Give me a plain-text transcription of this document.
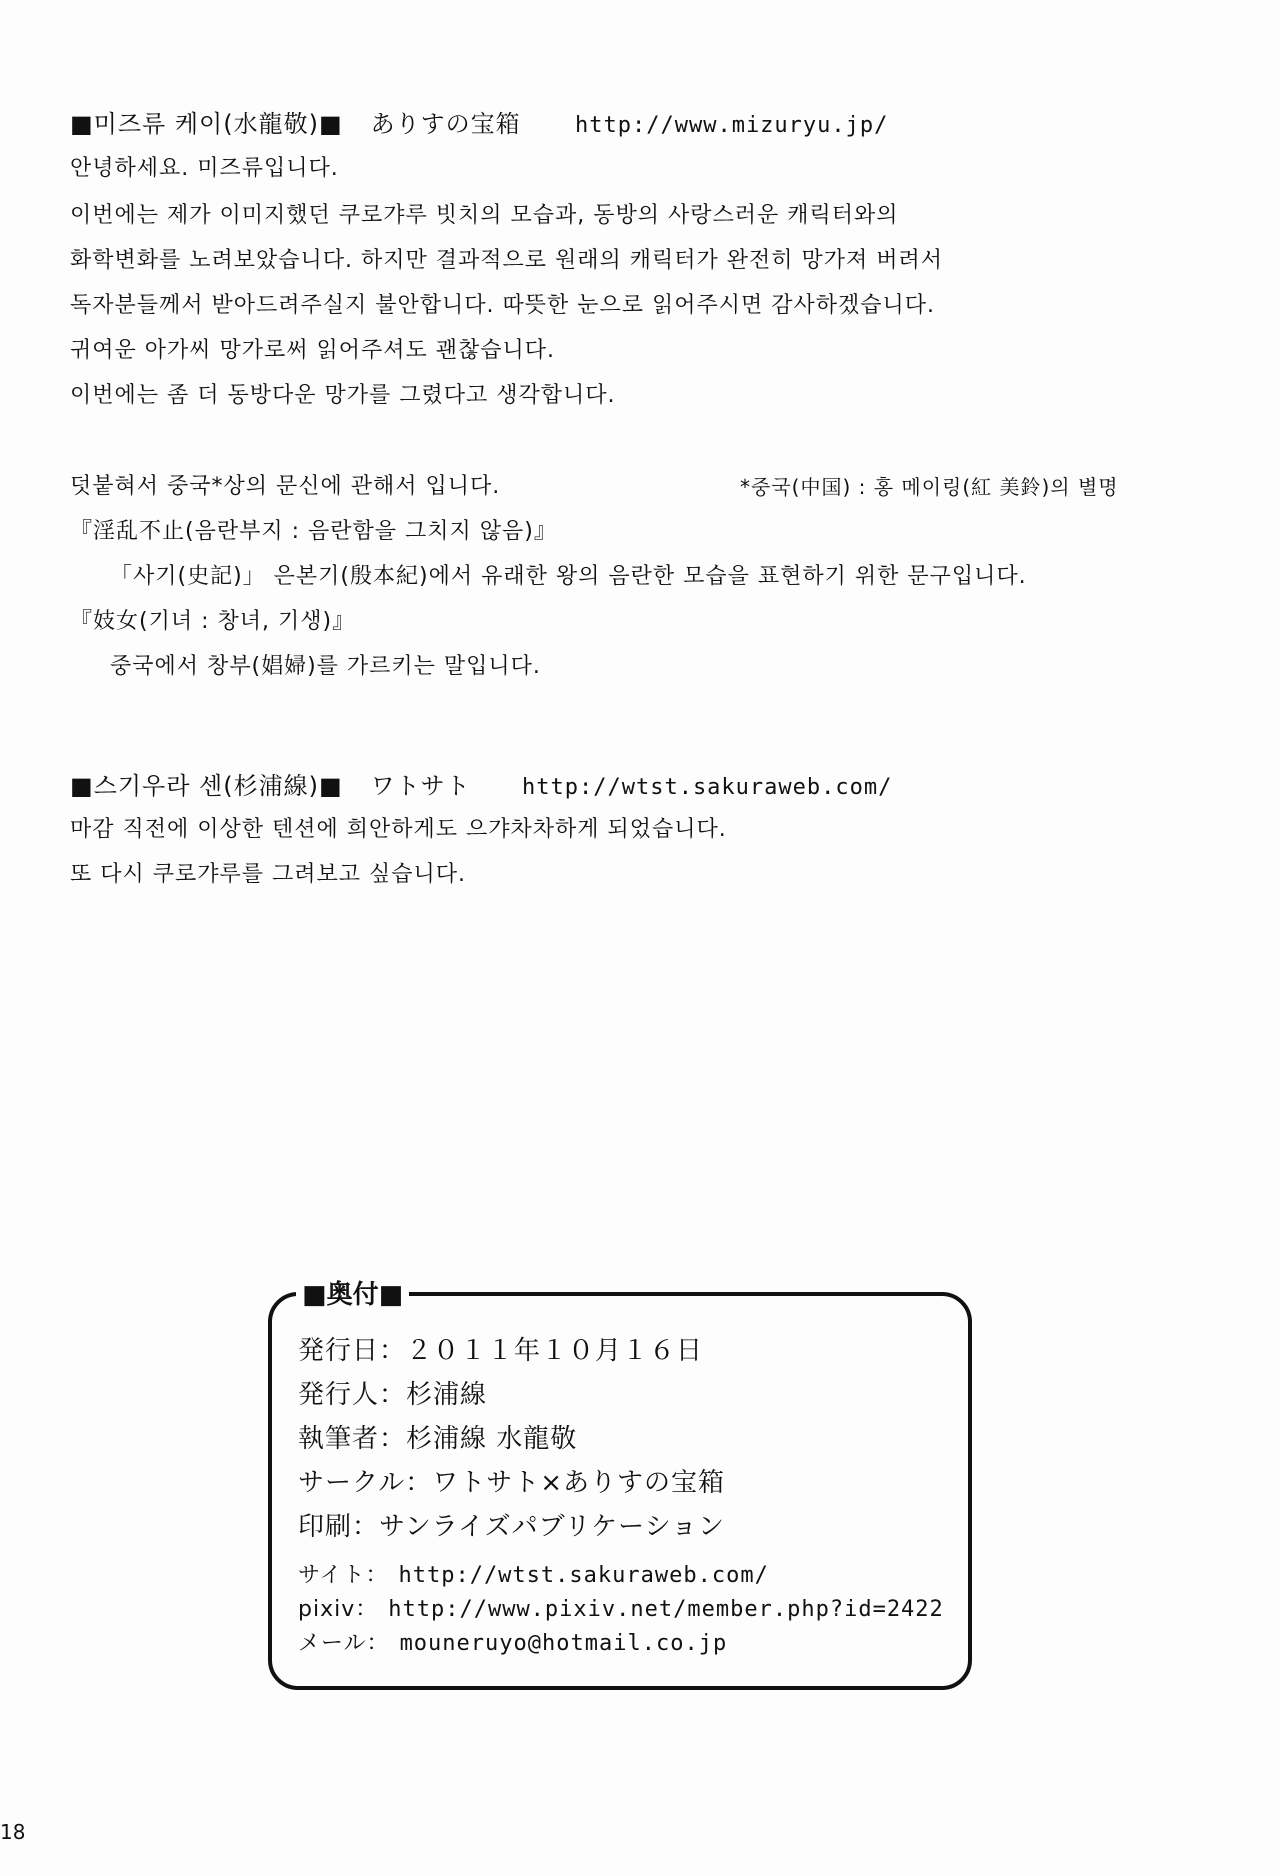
■미즈류 케이(水龍敬)■ ありすの宝箱 http://www.mizuryu.jp/
안녕하세요. 미즈류입니다.
이번에는 제가 이미지했던 쿠로갸루 빗치의 모습과, 동방의 사랑스러운 캐릭터와의
화학변화를 노려보았습니다. 하지만 결과적으로 원래의 캐릭터가 완전히 망가져 버려서
독자분들께서 받아드려주실지 불안합니다. 따뜻한 눈으로 읽어주시면 감사하겠습니다.
귀여운 아가씨 망가로써 읽어주셔도 괜찮습니다.
이번에는 좀 더 동방다운 망가를 그렸다고 생각합니다.
덧붙혀서 중국*상의 문신에 관해서 입니다.	*중국(中国) : 홍 메이링(紅 美鈴)의 별명
『淫乱不止(음란부지 : 음란함을 그치지 않음)』
「사기(史記)」 은본기(殷本紀)에서 유래한 왕의 음란한 모습을 표현하기 위한 문구입니다.
『妓女(기녀 : 창녀, 기생)』
중국에서 창부(娼婦)를 가르키는 말입니다.
■스기우라 센(杉浦線)■ ワトサト http://wtst.sakuraweb.com/
마감 직전에 이상한 텐션에 희안하게도 으갸차차하게 되었습니다.
또 다시 쿠로갸루를 그려보고 싶습니다.
■奥付■
発行日：２０１１年１０月１６日
発行人：杉浦線
執筆者：杉浦線 水龍敬
サークル：ワトサト×ありすの宝箱
印刷：サンライズパブリケーション
サイト： http://wtst.sakuraweb.com/
pixiv： http://www.pixiv.net/member.php?id=2422
メール： mouneruyo@hotmail.co.jp
18
